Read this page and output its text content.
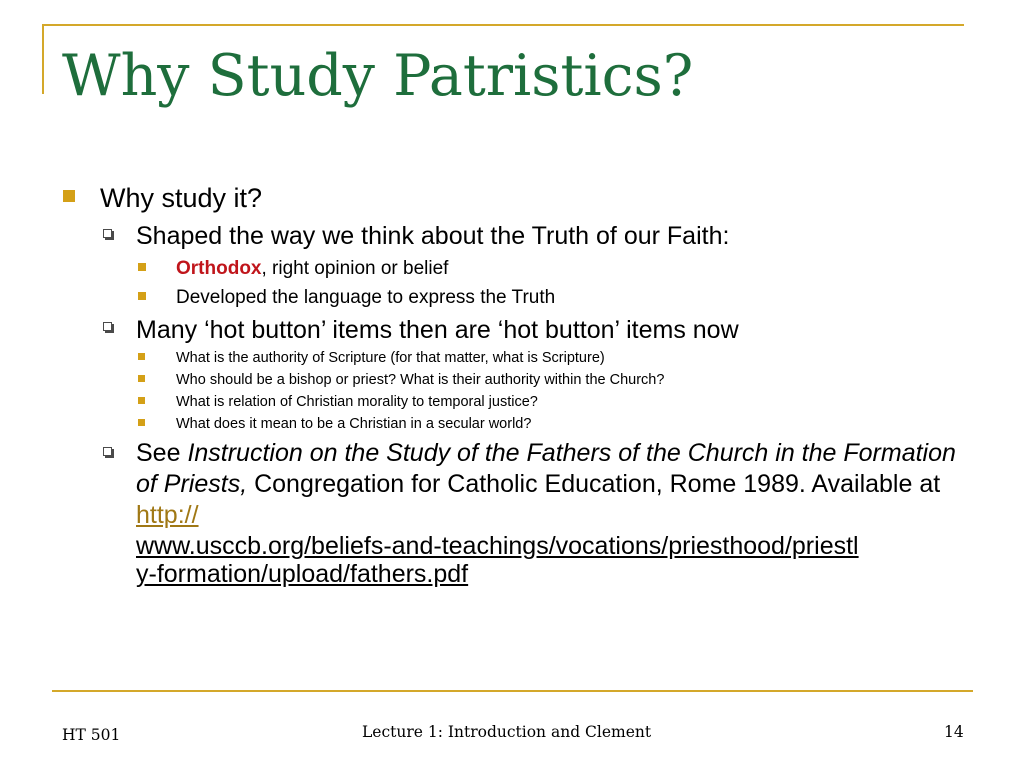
Why Study Patristics?

Why study it?

Shaped the way we think about the Truth of our Faith:

Orthodox, right opinion or belief

Developed the language to express the Truth

Many ‘hot button’ items then are ‘hot button’ items now

What is the authority of Scripture (for that matter, what is Scripture)

Who should be a bishop or priest? What is their authority within the Church?

What is relation of Christian morality to temporal justice?

What does it mean to be a Christian in a secular world?

See Instruction on the Study of the Fathers of the Church in the Formation of Priests, Congregation for Catholic Education, Rome 1989. Available at http://
www.usccb.org/beliefs-and-teachings/vocations/priesthood/priestl
y-formation/upload/fathers.pdf

HT 501	Lecture 1: Introduction and Clement	14
